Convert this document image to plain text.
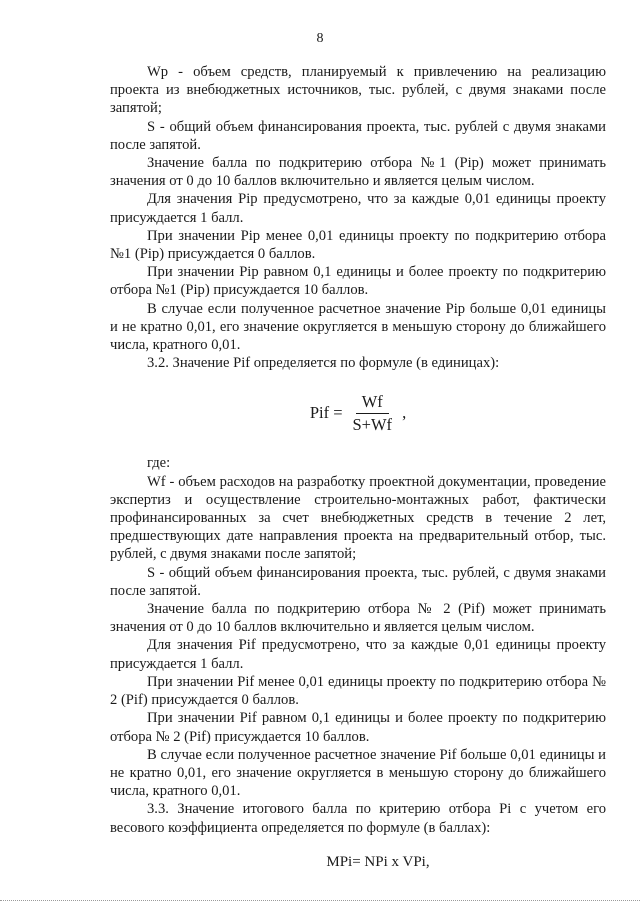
8

Wp - объем средств, планируемый к привлечению на реализацию проекта из внебюджетных источников, тыс. рублей, с двумя знаками после запятой;

S - общий объем финансирования проекта, тыс. рублей с двумя знаками после запятой.

Значение балла по подкритерию отбора №1 (Pip) может принимать значения от 0 до 10 баллов включительно и является целым числом.

Для значения Pip предусмотрено, что за каждые 0,01 единицы проекту присуждается 1 балл.

При значении Pip менее 0,01 единицы проекту по подкритерию отбора №1 (Pip) присуждается 0 баллов.

При значении Pip равном 0,1 единицы и более проекту по подкритерию отбора №1 (Pip) присуждается 10 баллов.

В случае если полученное расчетное значение Pip больше 0,01 единицы и не кратно 0,01, его значение округляется в меньшую сторону до ближайшего числа, кратного 0,01.

3.2. Значение Pif определяется по формуле (в единицах):

Pif = $\frac{Wf}{S+Wf}$ ,

где:

Wf - объем расходов на разработку проектной документации, проведение экспертиз и осуществление строительно-монтажных работ, фактически профинансированных за счет внебюджетных средств в течение 2 лет, предшествующих дате направления проекта на предварительный отбор, тыс. рублей, с двумя знаками после запятой;

S - общий объем финансирования проекта, тыс. рублей, с двумя знаками после запятой.

Значение балла по подкритерию отбора № 2 (Pif) может принимать значения от 0 до 10 баллов включительно и является целым числом.

Для значения Pif предусмотрено, что за каждые 0,01 единицы проекту присуждается 1 балл.

При значении Pif менее 0,01 единицы проекту по подкритерию отбора № 2 (Pif) присуждается 0 баллов.

При значении Pif равном 0,1 единицы и более проекту по подкритерию отбора № 2 (Pif) присуждается 10 баллов.

В случае если полученное расчетное значение Pif больше 0,01 единицы и не кратно 0,01, его значение округляется в меньшую сторону до ближайшего числа, кратного 0,01.

3.3. Значение итогового балла по критерию отбора Pi с учетом его весового коэффициента определяется по формуле (в баллах):

MPi= NPi x VPi,
